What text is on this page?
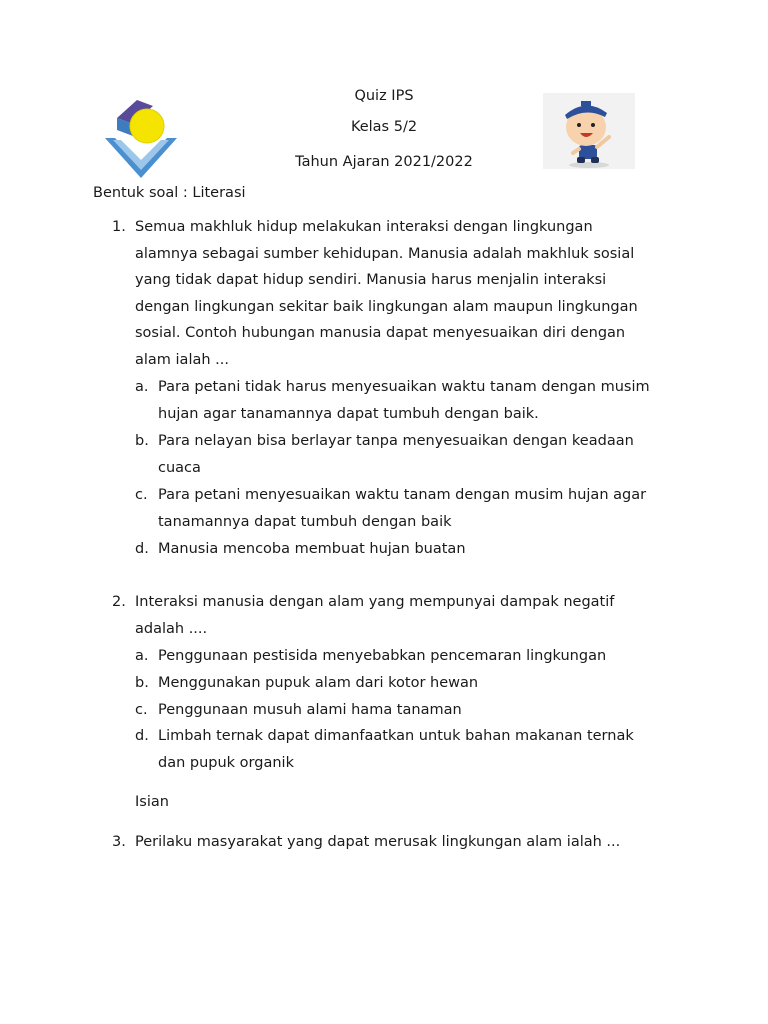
Quiz IPS
Kelas 5/2
Tahun Ajaran 2021/2022
Bentuk soal : Literasi
1. Semua makhluk hidup melakukan interaksi dengan lingkungan
alamnya sebagai sumber kehidupan. Manusia adalah makhluk sosial
yang tidak dapat hidup sendiri. Manusia harus menjalin interaksi
dengan lingkungan sekitar baik lingkungan alam maupun lingkungan
sosial. Contoh hubungan manusia dapat menyesuaikan diri dengan
alam ialah ...
a. Para petani tidak harus menyesuaikan waktu tanam dengan musim
hujan agar tanamannya dapat tumbuh dengan baik.
b. Para nelayan bisa berlayar tanpa menyesuaikan dengan keadaan
cuaca
c. Para petani menyesuaikan waktu tanam dengan musim hujan agar
tanamannya dapat tumbuh dengan baik
d. Manusia mencoba membuat hujan buatan
2. Interaksi manusia dengan alam yang mempunyai dampak negatif
adalah ....
a. Penggunaan pestisida menyebabkan pencemaran lingkungan
b. Menggunakan pupuk alam dari kotor hewan
c. Penggunaan musuh alami hama tanaman
d. Limbah ternak dapat dimanfaatkan untuk bahan makanan ternak
dan pupuk organik
Isian
3. Perilaku masyarakat yang dapat merusak lingkungan alam ialah ...
